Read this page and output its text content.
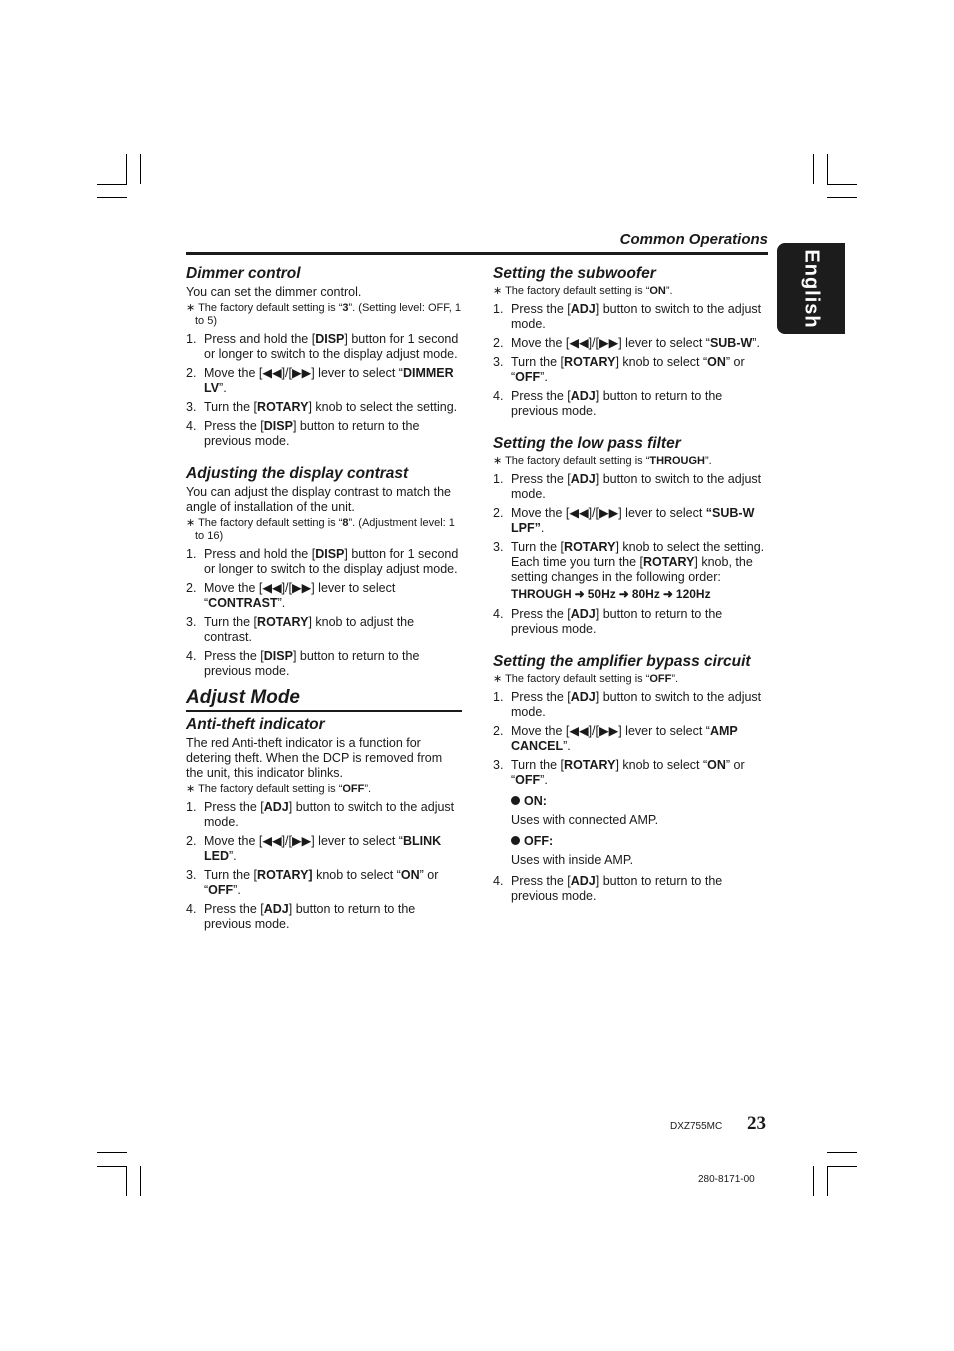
Common Operations
English
Dimmer control

You can set the dimmer control.

∗ The factory default setting is “3”. (Setting level: OFF, 1 to 5)

1. Press and hold the [DISP] button for 1 second or longer to switch to the display adjust mode.
2. Move the [◀◀]/[▶▶] lever to select “DIMMER LV”.
3. Turn the [ROTARY] knob to select the setting.
4. Press the [DISP] button to return to the previous mode.
Adjusting the display contrast

You can adjust the display contrast to match the angle of installation of the unit.

∗ The factory default setting is “8”. (Adjustment level: 1 to 16)

1. Press and hold the [DISP] button for 1 second or longer to switch to the display adjust mode.
2. Move the [◀◀]/[▶▶] lever to select “CONTRAST”.
3. Turn the [ROTARY] knob to adjust the contrast.
4. Press the [DISP] button to return to the previous mode.
Adjust Mode
Anti-theft indicator

The red Anti-theft indicator is a function for detering theft. When the DCP is removed from the unit, this indicator blinks.

∗ The factory default setting is “OFF”.

1. Press the [ADJ] button to switch to the adjust mode.
2. Move the [◀◀]/[▶▶] lever to select “BLINK LED”.
3. Turn the [ROTARY] knob to select “ON” or “OFF”.
4. Press the [ADJ] button to return to the previous mode.
Setting the subwoofer

∗ The factory default setting is “ON”.

1. Press the [ADJ] button to switch to the adjust mode.
2. Move the [◀◀]/[▶▶] lever to select “SUB-W”.
3. Turn the [ROTARY] knob to select “ON” or “OFF”.
4. Press the [ADJ] button to return to the previous mode.
Setting the low pass filter

∗ The factory default setting is “THROUGH”.

1. Press the [ADJ] button to switch to the adjust mode.
2. Move the [◀◀]/[▶▶] lever to select “SUB-W LPF”.
3. Turn the [ROTARY] knob to select the setting. Each time you turn the [ROTARY] knob, the setting changes in the following order:
THROUGH ➜ 50Hz ➜ 80Hz ➜ 120Hz
4. Press the [ADJ] button to return to the previous mode.
Setting the amplifier bypass circuit

∗ The factory default setting is “OFF”.

1. Press the [ADJ] button to switch to the adjust mode.
2. Move the [◀◀]/[▶▶] lever to select “AMP CANCEL”.
3. Turn the [ROTARY] knob to select “ON” or “OFF”.
ON:
Uses with connected AMP.
OFF:
Uses with inside AMP.
4. Press the [ADJ] button to return to the previous mode.
DXZ755MC 23
280-8171-00
